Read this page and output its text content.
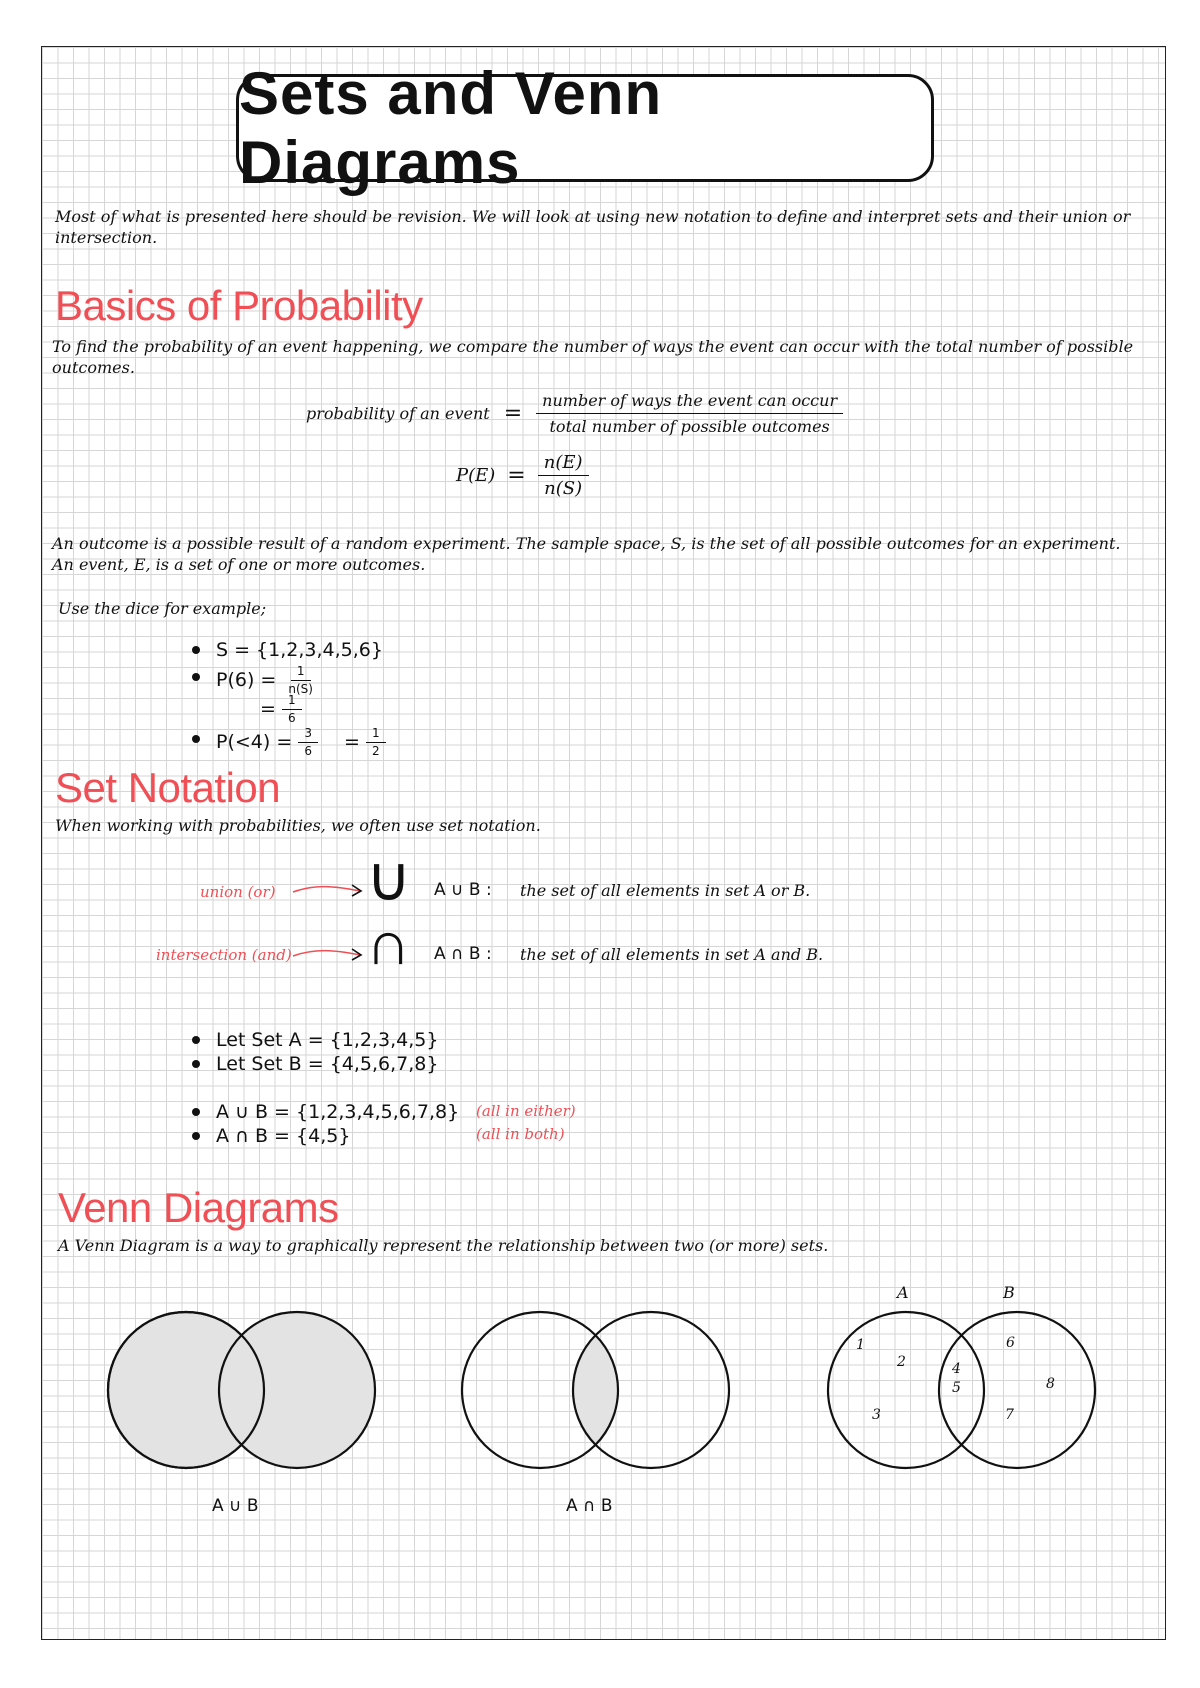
Sets and Venn Diagrams
Most of what is presented here should be revision. We will look at using new notation to define and interpret sets and their union or intersection.
Basics of Probability
To find the probability of an event happening, we compare the number of ways the event can occur with the total number of possible outcomes.
probability of an event = $\frac{\text{number of ways the event can occur}}{\text{total number of possible outcomes}}$
$P(E) = \frac{n(E)}{n(S)}$
An outcome is a possible result of a random experiment. The sample space, S, is the set of all possible outcomes for an experiment. An event, E, is a set of one or more outcomes.
Use the dice for example;
S = {1,2,3,4,5,6}
$P(6) = \frac{1}{n(S)}$
= $\frac{1}{6}$
$P(<4) = \frac{3}{6} = \frac{1}{2}$
Set Notation
When working with probabilities, we often use set notation.
union (or) ∪ A ∪ B : the set of all elements in set A or B.
intersection (and) ∩ A ∩ B : the set of all elements in set A and B.
Let Set A = {1,2,3,4,5}
Let Set B = {4,5,6,7,8}
A ∪ B = {1,2,3,4,5,6,7,8}
A ∩ B = {4,5}
(all in either)
(all in both)
Venn Diagrams
A Venn Diagram is a way to graphically represent the relationship between two (or more) sets.
A ∪ B	A ∩ B
A	B
1
2
3
4
5
6
7
8
